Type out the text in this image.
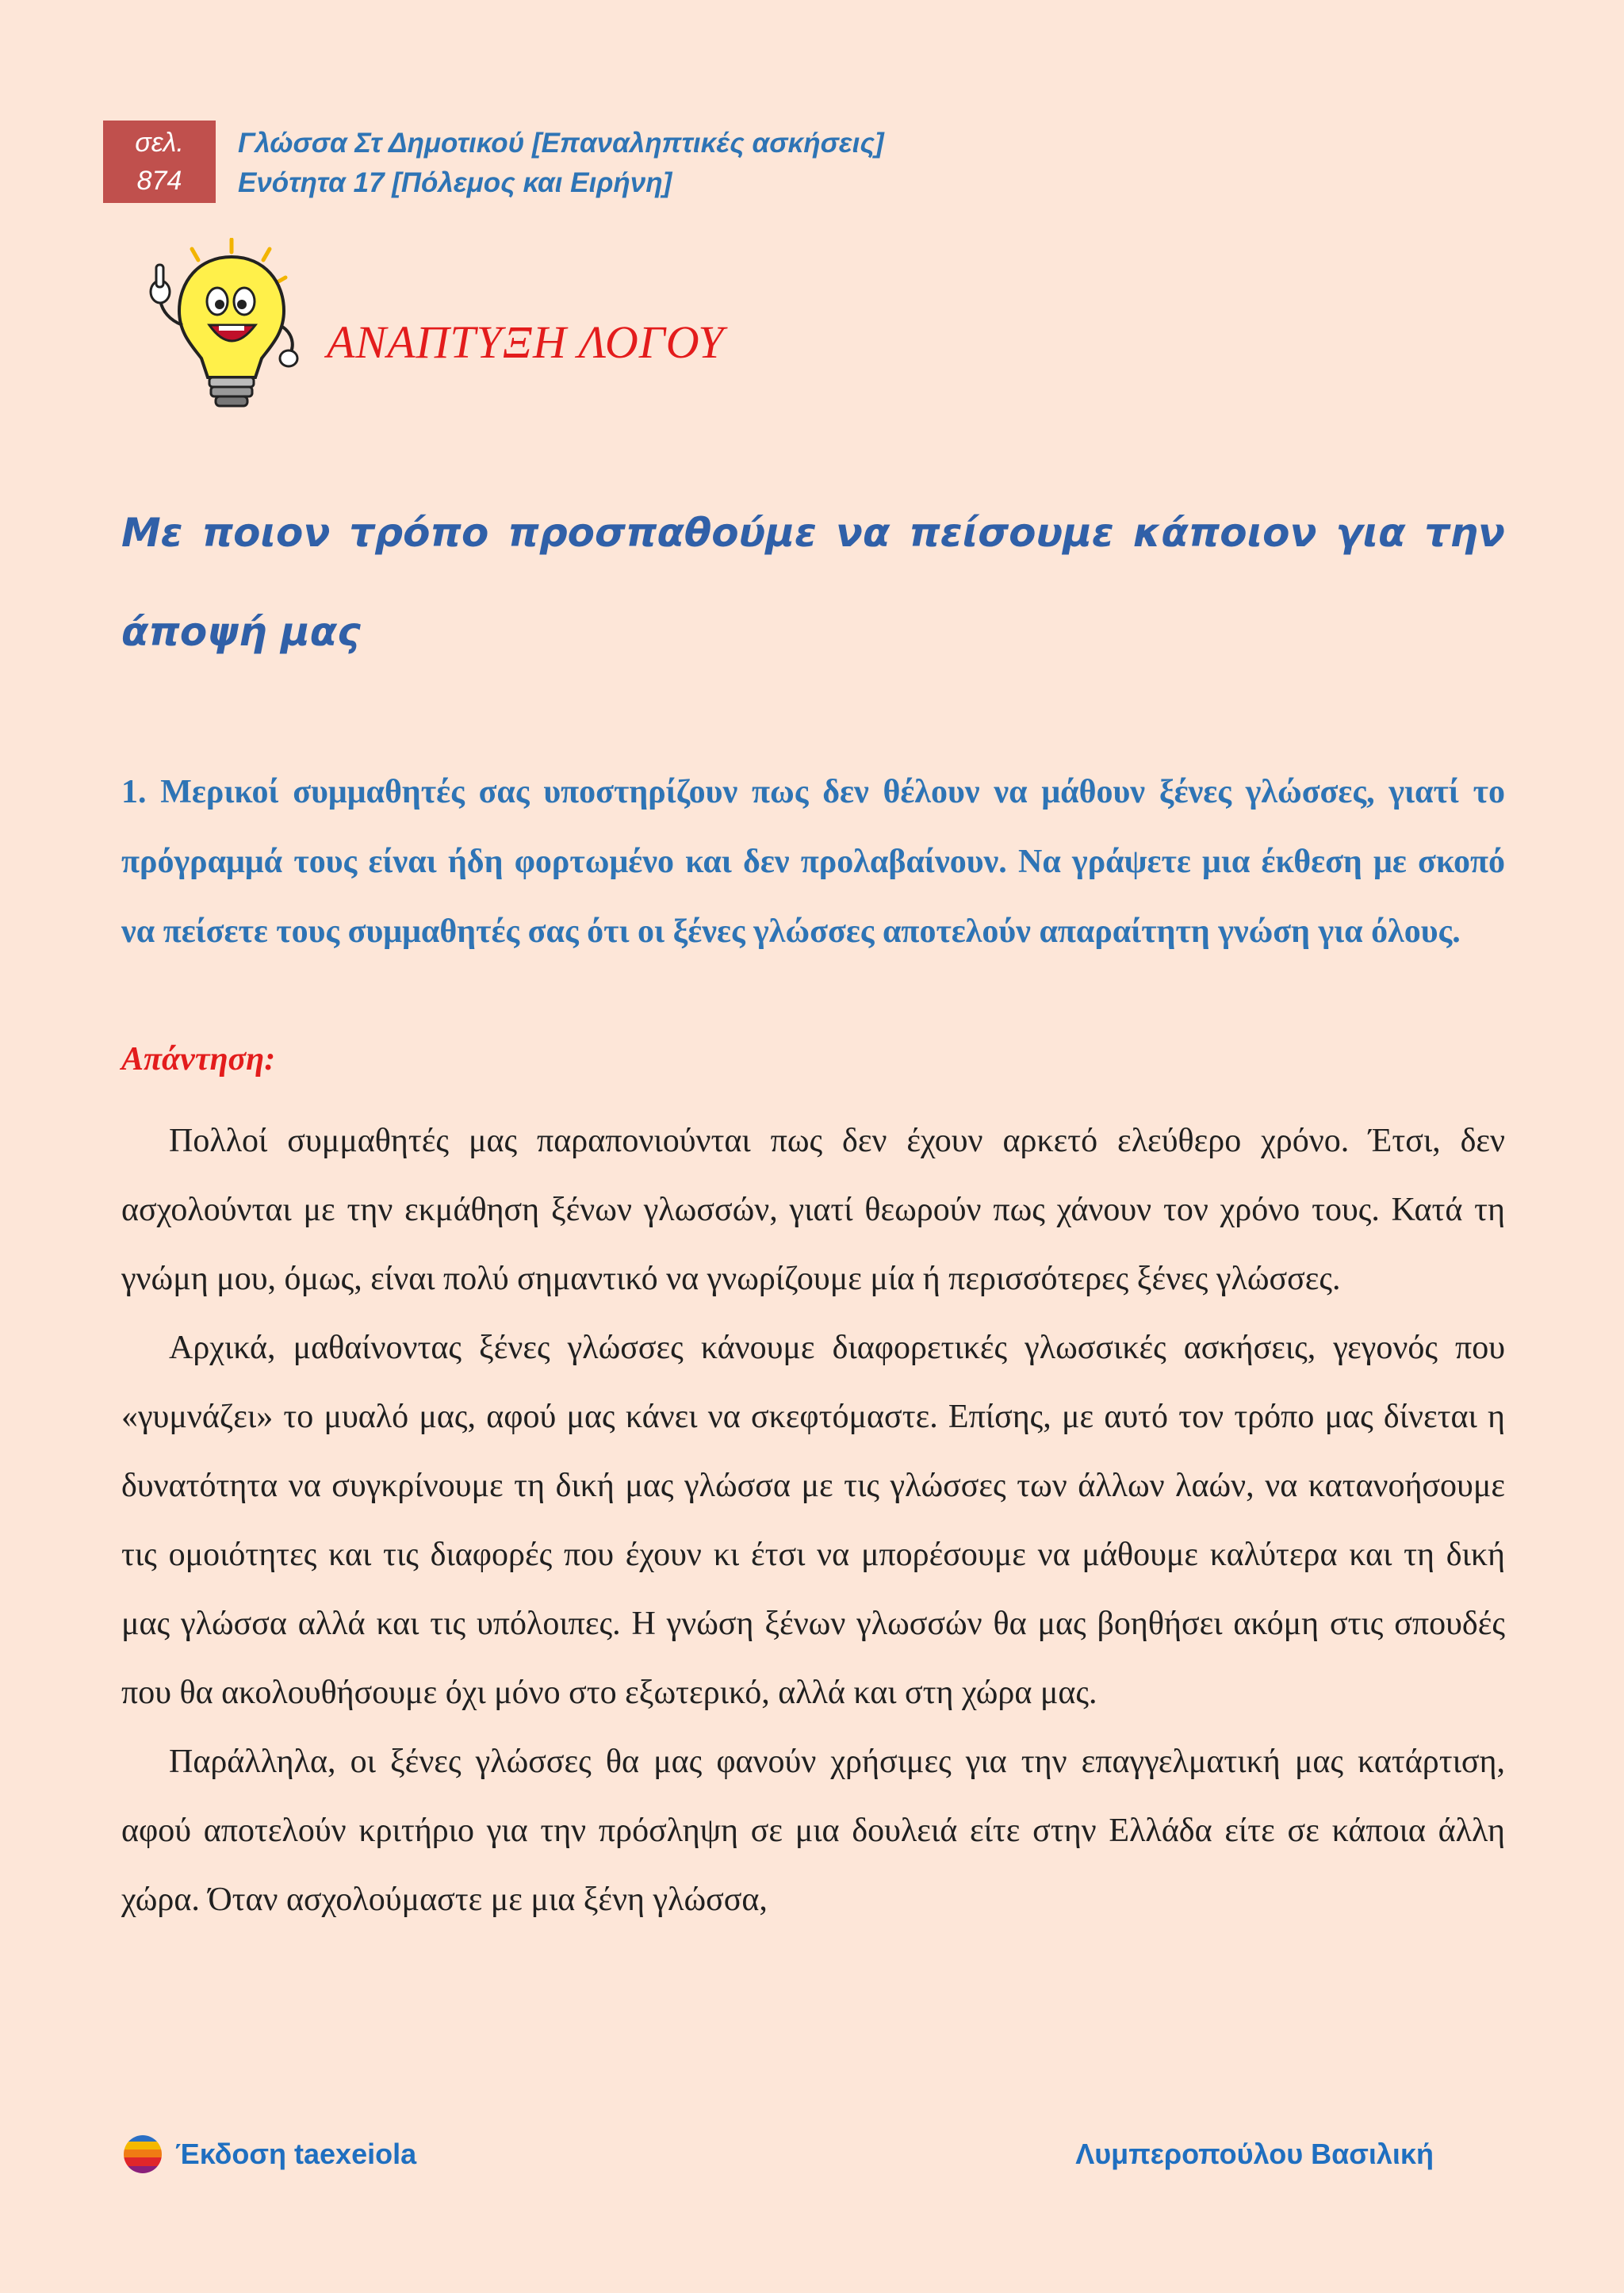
σελ.
874
Γλώσσα Στ Δημοτικού [Επαναληπτικές ασκήσεις]
Ενότητα 17 [Πόλεμος και Ειρήνη]
ΑΝΑΠΤΥΞΗ ΛΟΓΟΥ
Με ποιον τρόπο προσπαθούμε να πείσουμε κάποιον για την άποψή μας
1. Μερικοί συμμαθητές σας υποστηρίζουν πως δεν θέλουν να μάθουν ξένες γλώσσες, γιατί το πρόγραμμά τους είναι ήδη φορτωμένο και δεν προλαβαίνουν. Να γράψετε μια έκθεση με σκοπό να πείσετε τους συμμαθητές σας ότι οι ξένες γλώσσες αποτελούν απαραίτητη γνώση για όλους.
Απάντηση:

Πολλοί συμμαθητές μας παραπονιούνται πως δεν έχουν αρκετό ελεύθερο χρόνο. Έτσι, δεν ασχολούνται με την εκμάθηση ξένων γλωσσών, γιατί θεωρούν πως χάνουν τον χρόνο τους. Κατά τη γνώμη μου, όμως, είναι πολύ σημαντικό να γνωρίζουμε μία ή περισσότερες ξένες γλώσσες.

Αρχικά, μαθαίνοντας ξένες γλώσσες κάνουμε διαφορετικές γλωσσικές ασκήσεις, γεγονός που «γυμνάζει» το μυαλό μας, αφού μας κάνει να σκεφτόμαστε. Επίσης, με αυτό τον τρόπο μας δίνεται η δυνατότητα να συγκρίνουμε τη δική μας γλώσσα με τις γλώσσες των άλλων λαών, να κατανοήσουμε τις ομοιότητες και τις διαφορές που έχουν κι έτσι να μπορέσουμε να μάθουμε καλύτερα και τη δική μας γλώσσα αλλά και τις υπόλοιπες. Η γνώση ξένων γλωσσών θα μας βοηθήσει ακόμη στις σπουδές που θα ακολουθήσουμε όχι μόνο στο εξωτερικό, αλλά και στη χώρα μας.

Παράλληλα, οι ξένες γλώσσες θα μας φανούν χρήσιμες για την επαγγελματική μας κατάρτιση, αφού αποτελούν κριτήριο για την πρόσληψη σε μια δουλειά είτε στην Ελλάδα είτε σε κάποια άλλη χώρα. Όταν ασχολούμαστε με μια ξένη γλώσσα,

Έκδοση taexeiola	Λυμπεροπούλου Βασιλική
